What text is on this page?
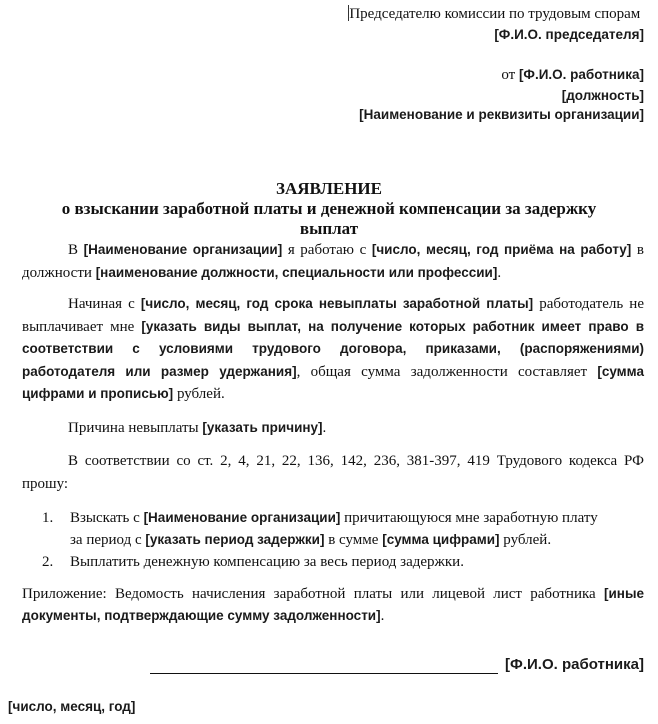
Председателю комиссии по трудовым спорам
[Ф.И.О. председателя]
от [Ф.И.О. работника]
[должность]
[Наименование и реквизиты организации]
ЗАЯВЛЕНИЕ
о взыскании заработной платы и денежной компенсации за задержку выплат
В [Наименование организации] я работаю с [число, месяц, год приёма на работу] в должности [наименование должности, специальности или профессии].
Начиная с [число, месяц, год срока невыплаты заработной платы] работодатель не выплачивает мне [указать виды выплат, на получение которых работник имеет право в соответствии с условиями трудового договора, приказами, (распоряжениями) работодателя или размер удержания], общая сумма задолженности составляет [сумма цифрами и прописью] рублей.
Причина невыплаты [указать причину].
В соответствии со ст. 2, 4, 21, 22, 136, 142, 236, 381-397, 419 Трудового кодекса РФ прошу:
1.	Взыскать с [Наименование организации] причитающуюся мне заработную плату за период с [указать период задержки] в сумме [сумма цифрами] рублей.
2.	Выплатить денежную компенсацию за весь период задержки.
Приложение: Ведомость начисления заработной платы или лицевой лист работника [иные документы, подтверждающие сумму задолженности].
[Ф.И.О. работника]
[число, месяц, год]
